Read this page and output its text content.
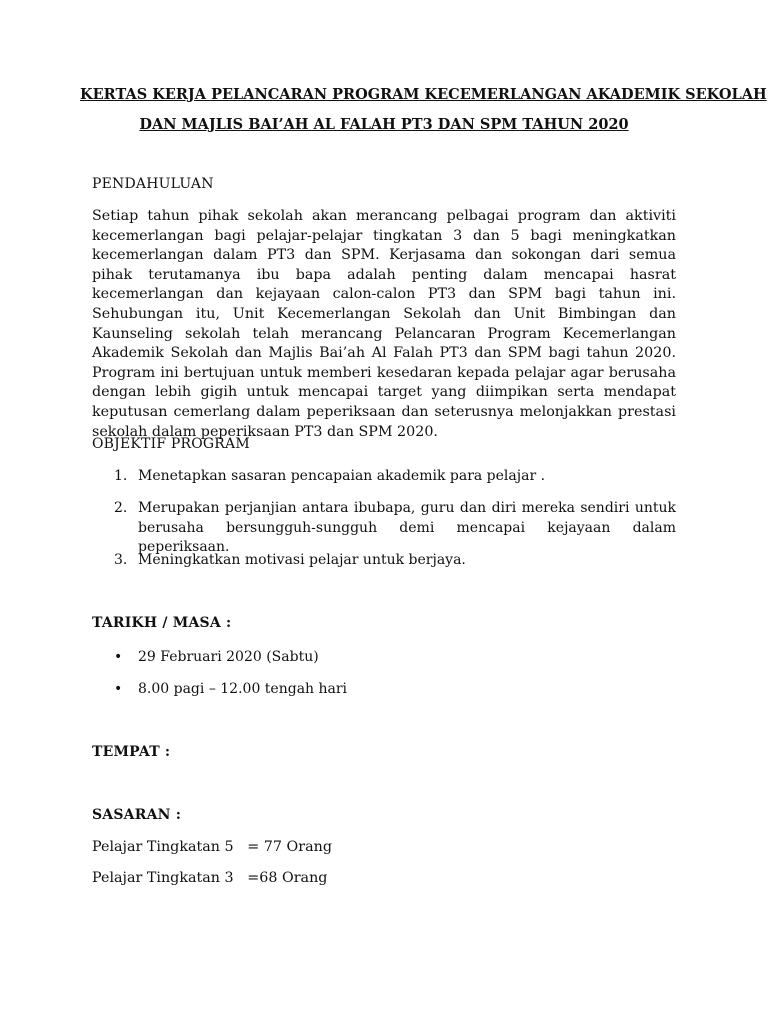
KERTAS KERJA PELANCARAN PROGRAM KECEMERLANGAN AKADEMIK SEKOLAH
DAN MAJLIS BAI’AH AL FALAH PT3 DAN SPM TAHUN 2020
PENDAHULUAN

Setiap tahun pihak sekolah akan merancang pelbagai program dan aktiviti kecemerlangan bagi pelajar-pelajar tingkatan 3 dan 5 bagi meningkatkan kecemerlangan dalam PT3 dan SPM. Kerjasama dan sokongan dari semua pihak terutamanya ibu bapa adalah penting dalam mencapai hasrat kecemerlangan dan kejayaan calon-calon PT3 dan SPM bagi tahun ini. Sehubungan itu, Unit Kecemerlangan Sekolah dan Unit Bimbingan dan Kaunseling sekolah telah merancang Pelancaran Program Kecemerlangan Akademik Sekolah dan Majlis Bai’ah Al Falah PT3 dan SPM bagi tahun 2020. Program ini bertujuan untuk memberi kesedaran kepada pelajar agar berusaha dengan lebih gigih untuk mencapai target yang diimpikan serta mendapat keputusan cemerlang dalam peperiksaan dan seterusnya melonjakkan prestasi sekolah dalam peperiksaan PT3 dan SPM 2020.

OBJEKTIF PROGRAM
1. Menetapkan sasaran pencapaian akademik para pelajar .
2. Merupakan perjanjian antara ibubapa, guru dan diri mereka sendiri untuk berusaha bersungguh-sungguh demi mencapai kejayaan dalam peperiksaan.
3. Meningkatkan motivasi pelajar untuk berjaya.
TARIKH / MASA :
• 29 Februari 2020 (Sabtu)
• 8.00 pagi – 12.00 tengah hari
TEMPAT :
SASARAN :
Pelajar Tingkatan 5   = 77 Orang
Pelajar Tingkatan 3   =68 Orang
